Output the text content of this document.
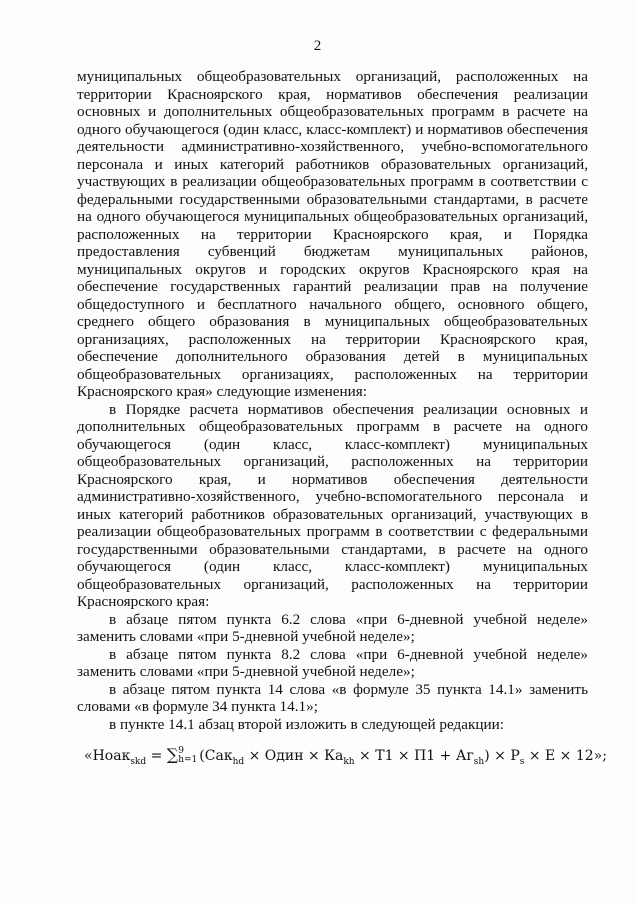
2

муниципальных общеобразовательных организаций, расположенных на территории Красноярского края, нормативов обеспечения реализации основных и дополнительных общеобразовательных программ в расчете на одного обучающегося (один класс, класс-комплект) и нормативов обеспечения деятельности административно-хозяйственного, учебно-вспомогательного персонала и иных категорий работников образовательных организаций, участвующих в реализации общеобразовательных программ в соответствии с федеральными государственными образовательными стандартами, в расчете на одного обучающегося муниципальных общеобразовательных организаций, расположенных на территории Красноярского края, и Порядка предоставления субвенций бюджетам муниципальных районов, муниципальных округов и городских округов Красноярского края на обеспечение государственных гарантий реализации прав на получение общедоступного и бесплатного начального общего, основного общего, среднего общего образования в муниципальных общеобразовательных организациях, расположенных на территории Красноярского края, обеспечение дополнительного образования детей в муниципальных общеобразовательных организациях, расположенных на территории Красноярского края» следующие изменения:

в Порядке расчета нормативов обеспечения реализации основных и дополнительных общеобразовательных программ в расчете на одного обучающегося (один класс, класс-комплект) муниципальных общеобразовательных организаций, расположенных на территории Красноярского края, и нормативов обеспечения деятельности административно-хозяйственного, учебно-вспомогательного персонала и иных категорий работников образовательных организаций, участвующих в реализации общеобразовательных программ в соответствии с федеральными государственными образовательными стандартами, в расчете на одного обучающегося (один класс, класс-комплект) муниципальных общеобразовательных организаций, расположенных на территории Красноярского края:

в абзаце пятом пункта 6.2 слова «при 6-дневной учебной неделе» заменить словами «при 5-дневной учебной неделе»;

в абзаце пятом пункта 8.2 слова «при 6-дневной учебной неделе» заменить словами «при 5-дневной учебной неделе»;

в абзаце пятом пункта 14 слова «в формуле 35 пункта 14.1» заменить словами «в формуле 34 пункта 14.1»;

в пункте 14.1 абзац второй изложить в следующей редакции:

«Ноак$_{skd}$ = ∑9
h=1 (Сак$_{hd}$ × Один × $Ка_{kh} \times Т1 \times П1 + Аг_{sh}) \times Р_s \times Е \times 12$»;
